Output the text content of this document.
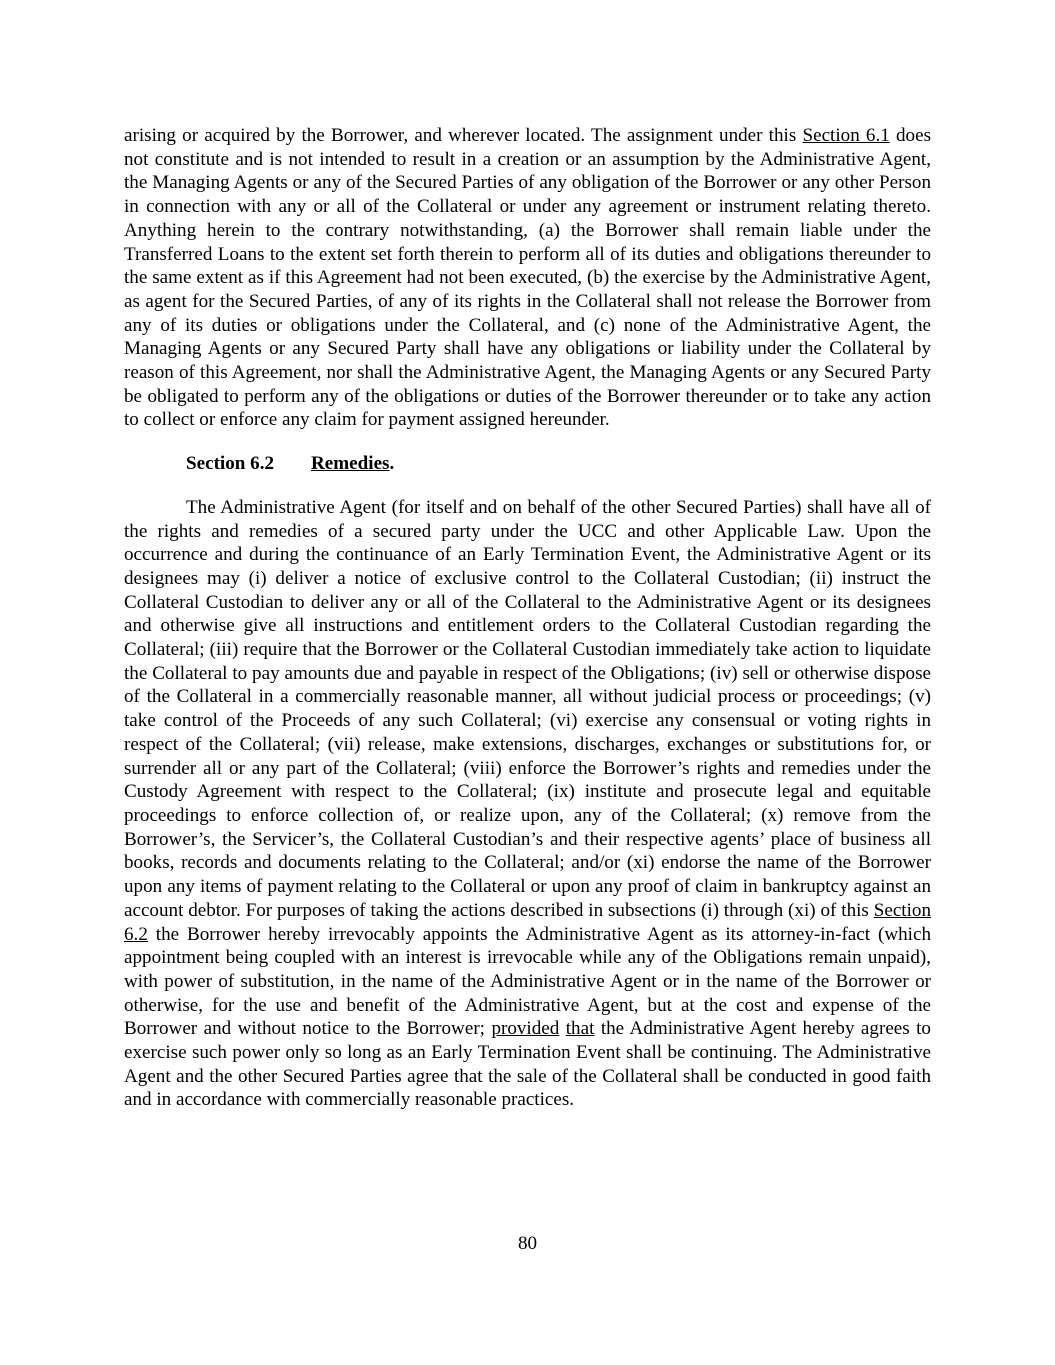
arising or acquired by the Borrower, and wherever located. The assignment under this Section 6.1 does not constitute and is not intended to result in a creation or an assumption by the Administrative Agent, the Managing Agents or any of the Secured Parties of any obligation of the Borrower or any other Person in connection with any or all of the Collateral or under any agreement or instrument relating thereto. Anything herein to the contrary notwithstanding, (a) the Borrower shall remain liable under the Transferred Loans to the extent set forth therein to perform all of its duties and obligations thereunder to the same extent as if this Agreement had not been executed, (b) the exercise by the Administrative Agent, as agent for the Secured Parties, of any of its rights in the Collateral shall not release the Borrower from any of its duties or obligations under the Collateral, and (c) none of the Administrative Agent, the Managing Agents or any Secured Party shall have any obligations or liability under the Collateral by reason of this Agreement, nor shall the Administrative Agent, the Managing Agents or any Secured Party be obligated to perform any of the obligations or duties of the Borrower thereunder or to take any action to collect or enforce any claim for payment assigned hereunder.

Section 6.2 Remedies.

The Administrative Agent (for itself and on behalf of the other Secured Parties) shall have all of the rights and remedies of a secured party under the UCC and other Applicable Law. Upon the occurrence and during the continuance of an Early Termination Event, the Administrative Agent or its designees may (i) deliver a notice of exclusive control to the Collateral Custodian; (ii) instruct the Collateral Custodian to deliver any or all of the Collateral to the Administrative Agent or its designees and otherwise give all instructions and entitlement orders to the Collateral Custodian regarding the Collateral; (iii) require that the Borrower or the Collateral Custodian immediately take action to liquidate the Collateral to pay amounts due and payable in respect of the Obligations; (iv) sell or otherwise dispose of the Collateral in a commercially reasonable manner, all without judicial process or proceedings; (v) take control of the Proceeds of any such Collateral; (vi) exercise any consensual or voting rights in respect of the Collateral; (vii) release, make extensions, discharges, exchanges or substitutions for, or surrender all or any part of the Collateral; (viii) enforce the Borrower’s rights and remedies under the Custody Agreement with respect to the Collateral; (ix) institute and prosecute legal and equitable proceedings to enforce collection of, or realize upon, any of the Collateral; (x) remove from the Borrower’s, the Servicer’s, the Collateral Custodian’s and their respective agents’ place of business all books, records and documents relating to the Collateral; and/or (xi) endorse the name of the Borrower upon any items of payment relating to the Collateral or upon any proof of claim in bankruptcy against an account debtor. For purposes of taking the actions described in subsections (i) through (xi) of this Section 6.2 the Borrower hereby irrevocably appoints the Administrative Agent as its attorney-in-fact (which appointment being coupled with an interest is irrevocable while any of the Obligations remain unpaid), with power of substitution, in the name of the Administrative Agent or in the name of the Borrower or otherwise, for the use and benefit of the Administrative Agent, but at the cost and expense of the Borrower and without notice to the Borrower; provided that the Administrative Agent hereby agrees to exercise such power only so long as an Early Termination Event shall be continuing. The Administrative Agent and the other Secured Parties agree that the sale of the Collateral shall be conducted in good faith and in accordance with commercially reasonable practices.

80
